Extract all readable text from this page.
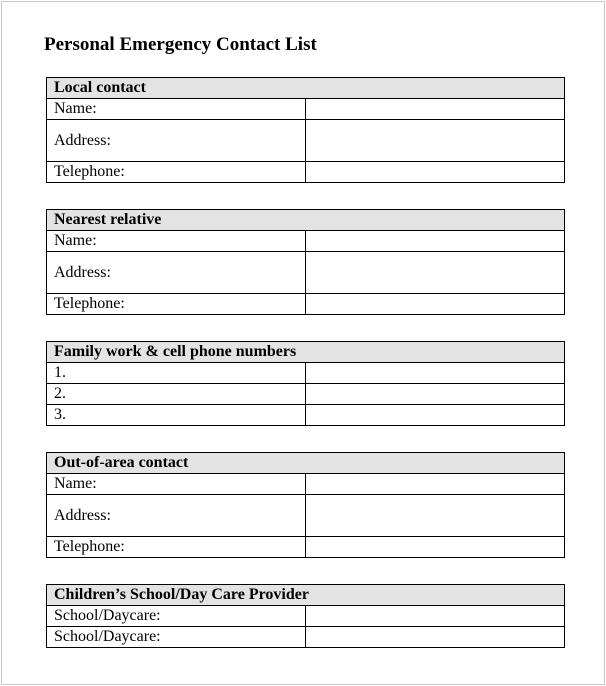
Personal Emergency Contact List
Local contact	
Name:	
Address:	
Telephone:	
Nearest relative	
Name:	
Address:	
Telephone:	
Family work & cell phone numbers	
1.	
2.	
3.	
Out-of-area contact	
Name:	
Address:	
Telephone:	
Children’s School/Day Care Provider	
School/Daycare:	
School/Daycare:	
